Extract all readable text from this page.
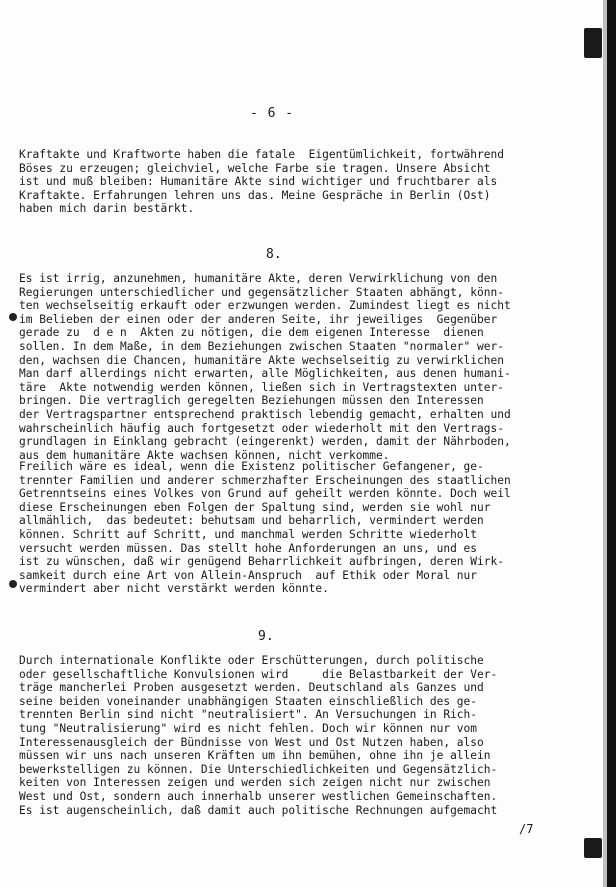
- 6 -
Kraftakte und Kraftworte haben die fatale  Eigentümlichkeit, fortwährend
Böses zu erzeugen; gleichviel, welche Farbe sie tragen. Unsere Absicht
ist und muß bleiben: Humanitäre Akte sind wichtiger und fruchtbarer als
Kraftakte. Erfahrungen lehren uns das. Meine Gespräche in Berlin (Ost)
haben mich darin bestärkt.
8.
Es ist irrig, anzunehmen, humanitäre Akte, deren Verwirklichung von den
Regierungen unterschiedlicher und gegensätzlicher Staaten abhängt, könn-
ten wechselseitig erkauft oder erzwungen werden. Zumindest liegt es nicht
im Belieben der einen oder der anderen Seite, ihr jeweiliges  Gegenüber
gerade zu  d e n  Akten zu nötigen, die dem eigenen Interesse  dienen
sollen. In dem Maße, in dem Beziehungen zwischen Staaten "normaler" wer-
den, wachsen die Chancen, humanitäre Akte wechselseitig zu verwirklichen
Man darf allerdings nicht erwarten, alle Möglichkeiten, aus denen humani-
täre  Akte notwendig werden können, ließen sich in Vertragstexten unter-
bringen. Die vertraglich geregelten Beziehungen müssen den Interessen
der Vertragspartner entsprechend praktisch lebendig gemacht, erhalten und
wahrscheinlich häufig auch fortgesetzt oder wiederholt mit den Vertrags-
grundlagen in Einklang gebracht (eingerenkt) werden, damit der Nährboden,
aus dem humanitäre Akte wachsen können, nicht verkomme.
Freilich wäre es ideal, wenn die Existenz politischer Gefangener, ge-
trennter Familien und anderer schmerzhafter Erscheinungen des staatlichen
Getrenntseins eines Volkes von Grund auf geheilt werden könnte. Doch weil
diese Erscheinungen eben Folgen der Spaltung sind, werden sie wohl nur
allmählich,  das bedeutet: behutsam und beharrlich, vermindert werden
können. Schritt auf Schritt, und manchmal werden Schritte wiederholt
versucht werden müssen. Das stellt hohe Anforderungen an uns, und es
ist zu wünschen, daß wir genügend Beharrlichkeit aufbringen, deren Wirk-
samkeit durch eine Art von Allein-Anspruch  auf Ethik oder Moral nur
vermindert aber nicht verstärkt werden könnte.
9.
Durch internationale Konflikte oder Erschütterungen, durch politische
oder gesellschaftliche Konvulsionen wird     die Belastbarkeit der Ver-
träge mancherlei Proben ausgesetzt werden. Deutschland als Ganzes und
seine beiden voneinander unabhängigen Staaten einschließlich des ge-
trennten Berlin sind nicht "neutralisiert". An Versuchungen in Rich-
tung "Neutralisierung" wird es nicht fehlen. Doch wir können nur vom
Interessenausgleich der Bündnisse von West und Ost Nutzen haben, also
müssen wir uns nach unseren Kräften um ihn bemühen, ohne ihn je allein
bewerkstelligen zu können. Die Unterschiedlichkeiten und Gegensätzlich-
keiten von Interessen zeigen und werden sich zeigen nicht nur zwischen
West und Ost, sondern auch innerhalb unserer westlichen Gemeinschaften.
Es ist augenscheinlich, daß damit auch politische Rechnungen aufgemacht
/7
